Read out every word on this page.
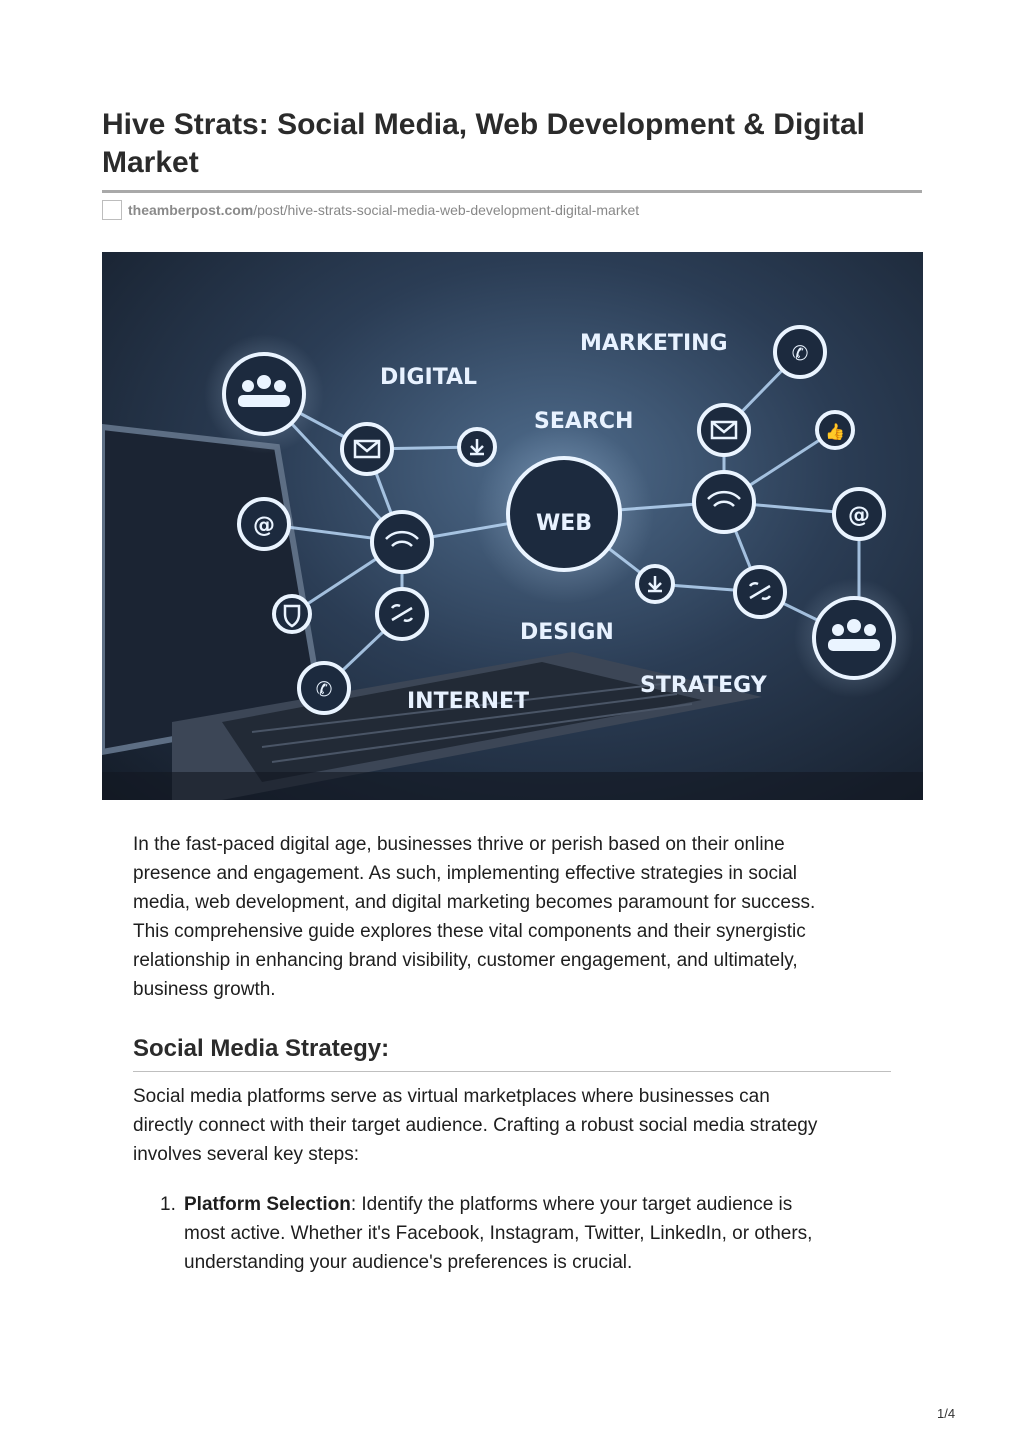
Hive Strats: Social Media, Web Development & Digital Market
theamberpost.com/post/hive-strats-social-media-web-development-digital-market
@	@
✆
✆
👍
WEB
MARKETING
DIGITAL
SEARCH
DESIGN
STRATEGY
INTERNET

In the fast-paced digital age, businesses thrive or perish based on their online
presence and engagement. As such, implementing effective strategies in social
media, web development, and digital marketing becomes paramount for success.
This comprehensive guide explores these vital components and their synergistic
relationship in enhancing brand visibility, customer engagement, and ultimately,
business growth.

Social Media Strategy:

Social media platforms serve as virtual marketplaces where businesses can
directly connect with their target audience. Crafting a robust social media strategy
involves several key steps:

1. Platform Selection: Identify the platforms where your target audience is
most active. Whether it's Facebook, Instagram, Twitter, LinkedIn, or others,
understanding your audience's preferences is crucial.
1/4
